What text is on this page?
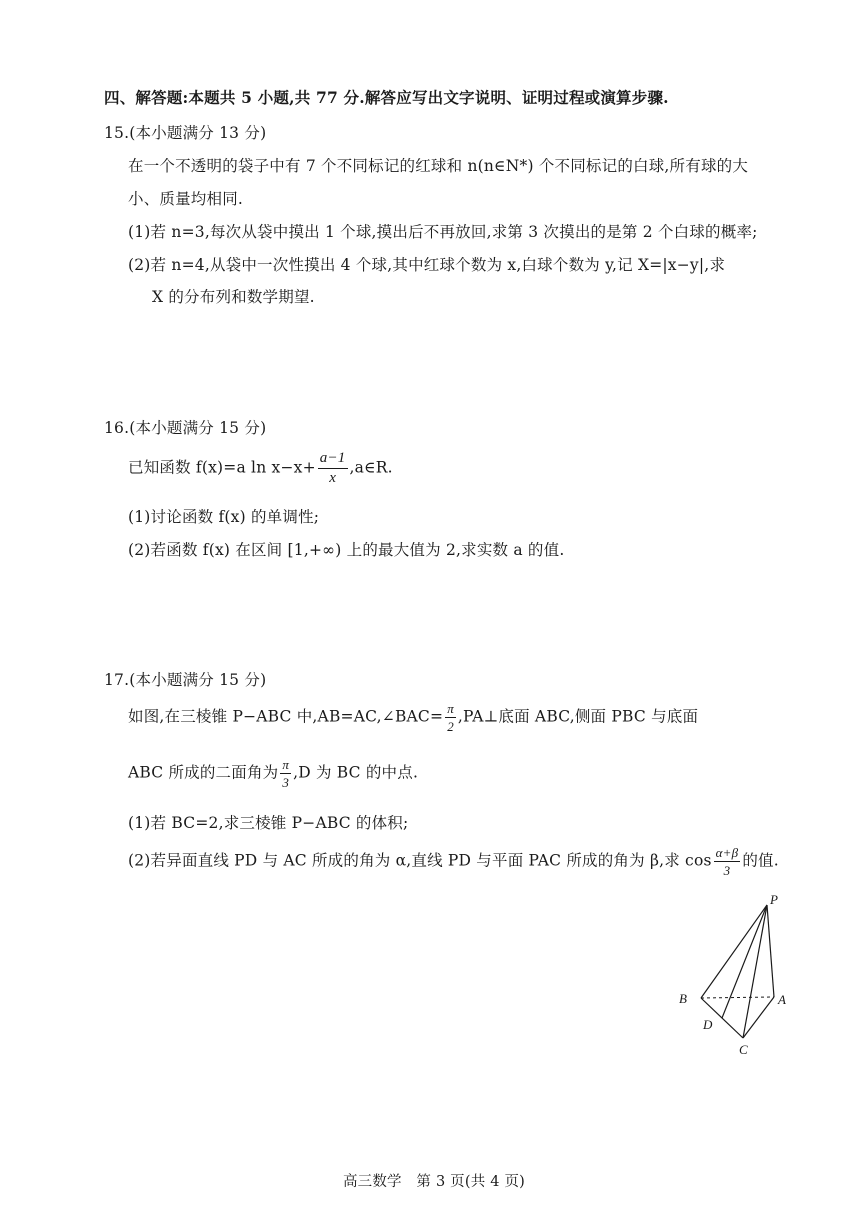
四、解答题:本题共 5 小题,共 77 分.解答应写出文字说明、证明过程或演算步骤.
15.(本小题满分 13 分)
在一个不透明的袋子中有 7 个不同标记的红球和 n(n∈N*) 个不同标记的白球,所有球的大
小、质量均相同.
(1)若 n=3,每次从袋中摸出 1 个球,摸出后不再放回,求第 3 次摸出的是第 2 个白球的概率;
(2)若 n=4,从袋中一次性摸出 4 个球,其中红球个数为 x,白球个数为 y,记 X=|x−y|,求
X 的分布列和数学期望.
16.(本小题满分 15 分)
已知函数 f(x)=a $\ln x-x+ \frac{a-1}{x}$ ,a∈R.
(1)讨论函数 f(x) 的单调性;
(2)若函数 f(x) 在区间 [1,+∞) 上的最大值为 2,求实数 a 的值.
17.(本小题满分 15 分)
如图,在三棱锥 P−ABC 中,AB=AC,∠BAC= $\frac{\pi}{2}$ ,PA⊥底面 ABC,侧面 PBC 与底面
ABC 所成的二面角为 $\frac{\pi}{3} ,D$ 为 BC 的中点.
(1)若 BC=2,求三棱锥 P−ABC 的体积;
(2)若异面直线 PD 与 AC 所成的角为 α,直线 PD 与平面 PAC 所成的角为 β,求 $\cos \frac{\alpha+\beta}{3}$ 的值.
P
A
B
C
D
高三数学　第 3 页(共 4 页)
